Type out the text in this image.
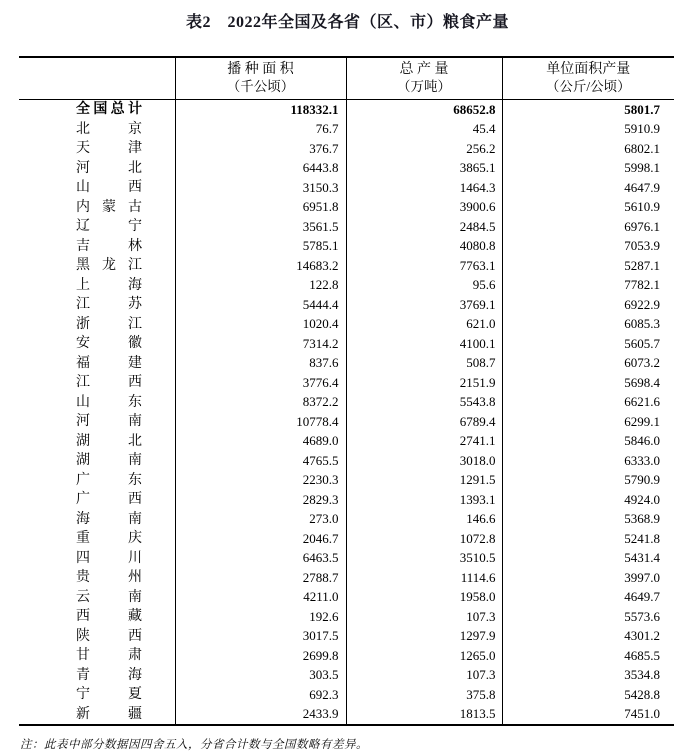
表2　2022年全国及各省（区、市）粮食产量

播 种 面 积
（千公顷）

总 产 量
（万吨）

单位面积产量
（公斤/公顷）

全 国 总 计	118332.1	68652.8	5801.7

北 京	76.7	45.4	5910.9

天 津	376.7	256.2	6802.1

河 北	6443.8	3865.1	5998.1

山 西	3150.3	1464.3	4647.9

内 蒙 古	6951.8	3900.6	5610.9

辽 宁	3561.5	2484.5	6976.1

吉 林	5785.1	4080.8	7053.9

黑 龙 江	14683.2	7763.1	5287.1

上 海	122.8	95.6	7782.1

江 苏	5444.4	3769.1	6922.9

浙 江	1020.4	621.0	6085.3

安 徽	7314.2	4100.1	5605.7

福 建	837.6	508.7	6073.2

江 西	3776.4	2151.9	5698.4

山 东	8372.2	5543.8	6621.6

河 南	10778.4	6789.4	6299.1

湖 北	4689.0	2741.1	5846.0

湖 南	4765.5	3018.0	6333.0

广 东	2230.3	1291.5	5790.9

广 西	2829.3	1393.1	4924.0

海 南	273.0	146.6	5368.9

重 庆	2046.7	1072.8	5241.8

四 川	6463.5	3510.5	5431.4

贵 州	2788.7	1114.6	3997.0

云 南	4211.0	1958.0	4649.7

西 藏	192.6	107.3	5573.6

陕 西	3017.5	1297.9	4301.2

甘 肃	2699.8	1265.0	4685.5

青 海	303.5	107.3	3534.8

宁 夏	692.3	375.8	5428.8

新 疆	2433.9	1813.5	7451.0
注：此表中部分数据因四舍五入，分省合计数与全国数略有差异。
